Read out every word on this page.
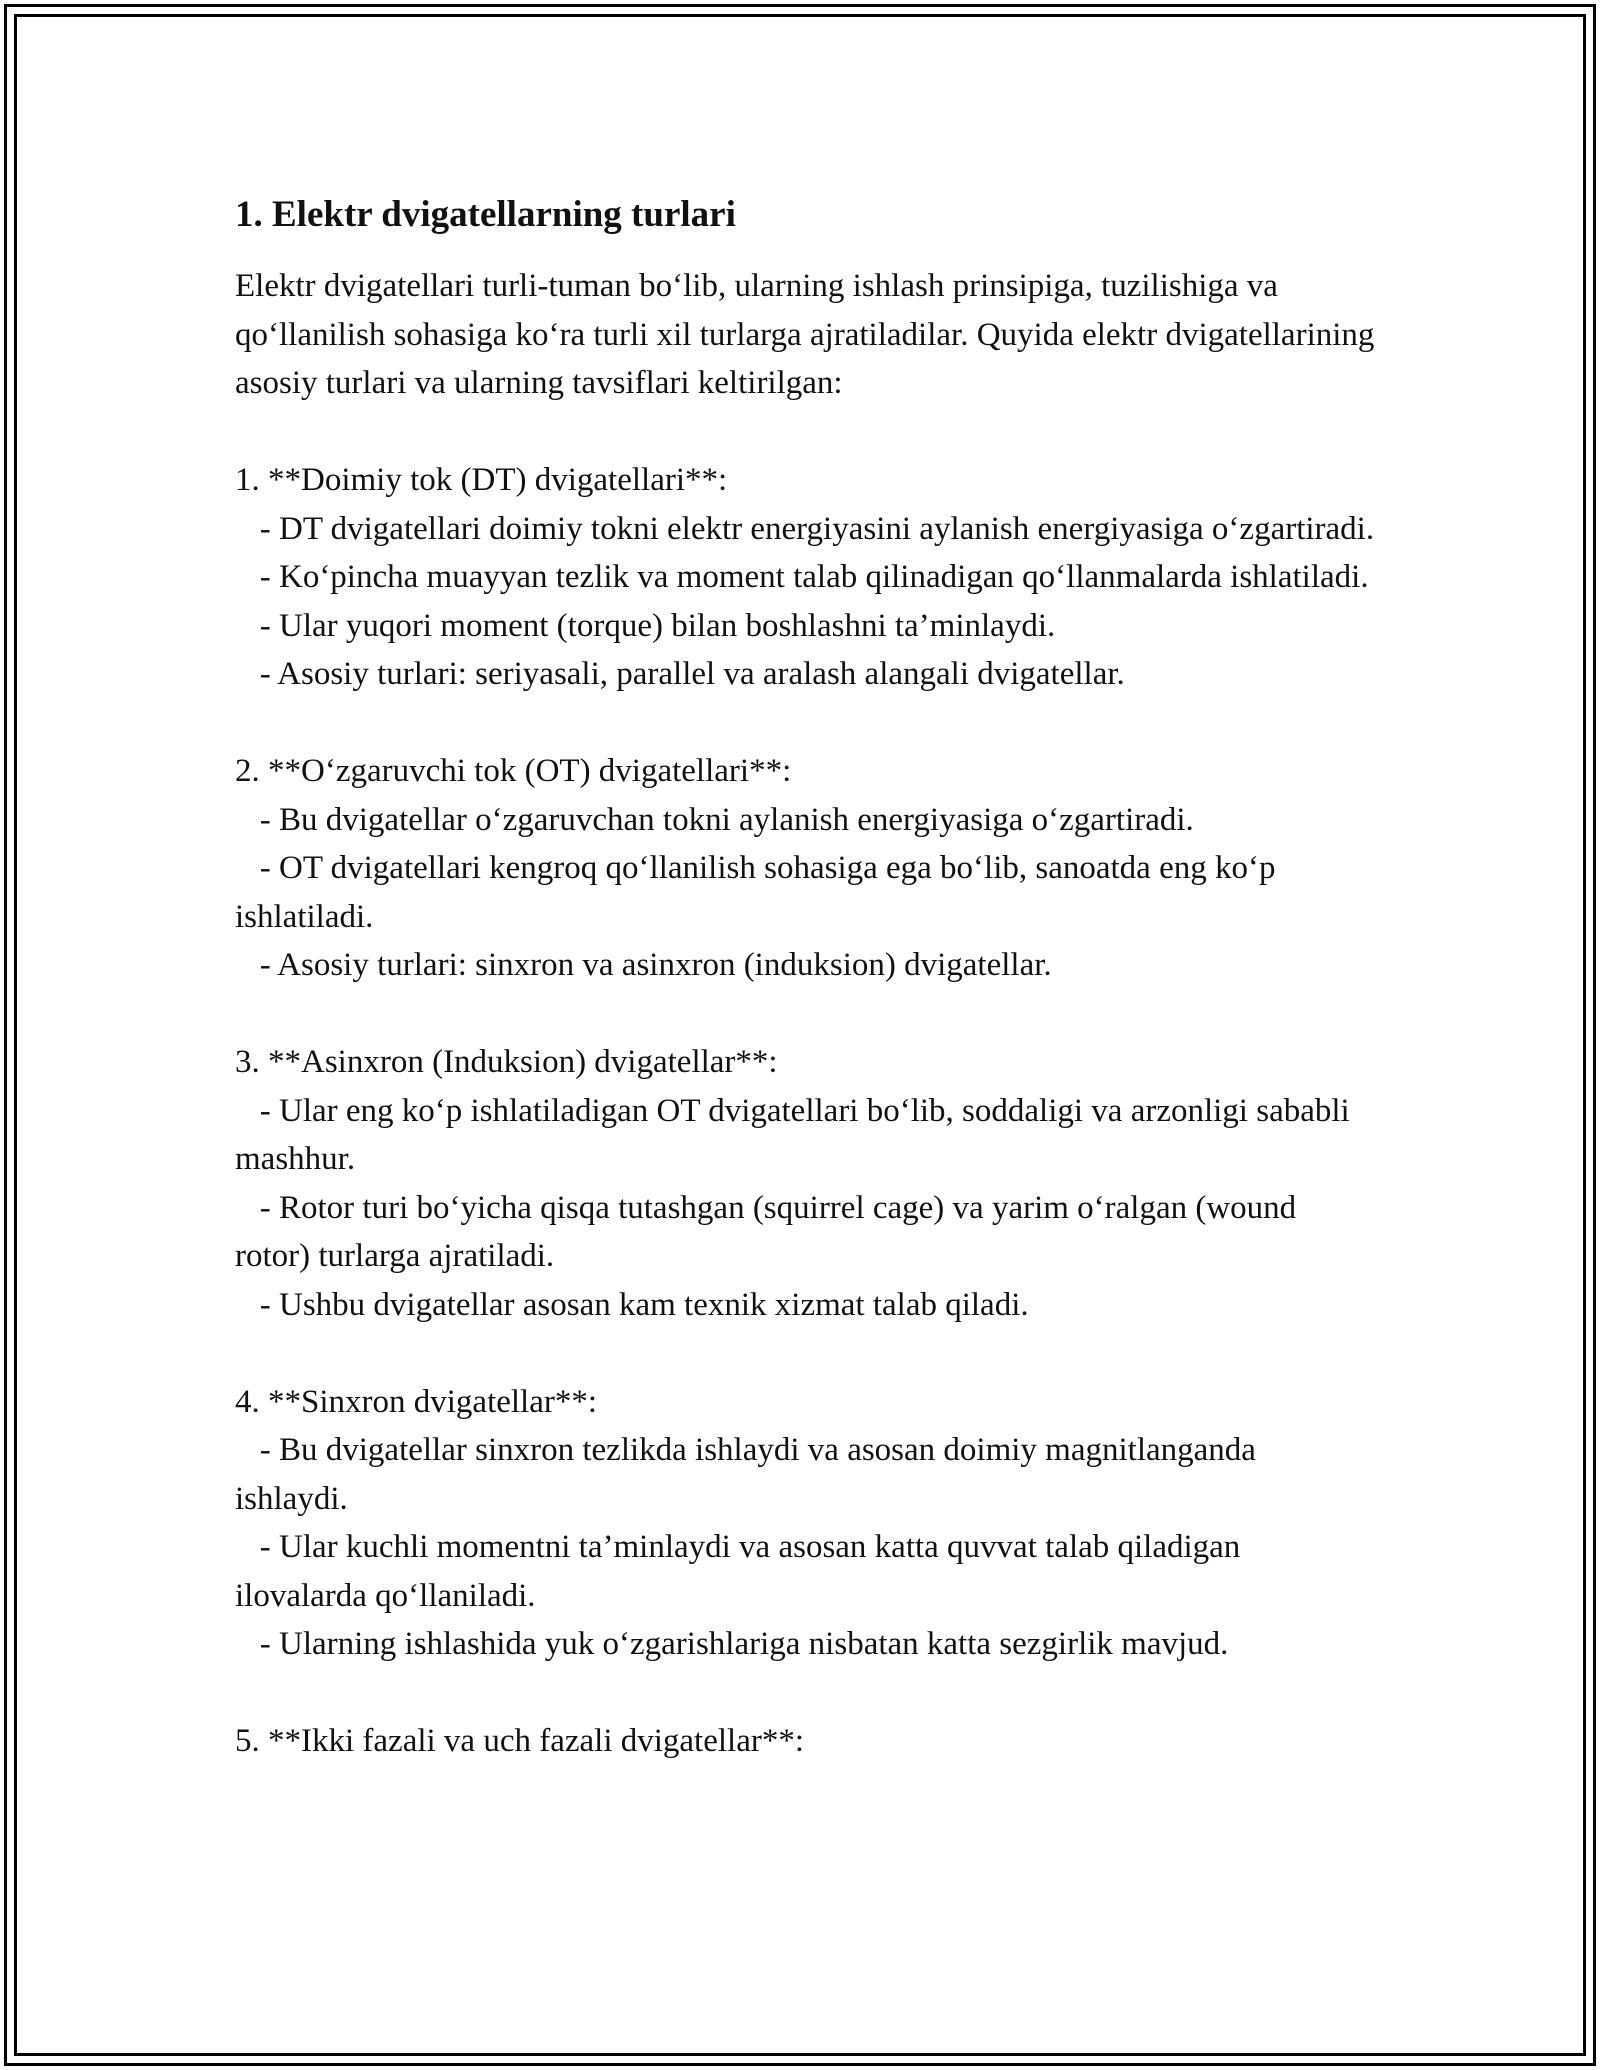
1. Elektr dvigatellarning turlari

Elektr dvigatellari turli-tuman bo‘lib, ularning ishlash prinsipiga, tuzilishiga va qo‘llanilish sohasiga ko‘ra turli xil turlarga ajratiladilar. Quyida elektr dvigatellarining asosiy turlari va ularning tavsiflari keltirilgan:

1. **Doimiy tok (DT) dvigatellari**:
- DT dvigatellari doimiy tokni elektr energiyasini aylanish energiyasiga o‘zgartiradi.
- Ko‘pincha muayyan tezlik va moment talab qilinadigan qo‘llanmalarda ishlatiladi.
- Ular yuqori moment (torque) bilan boshlashni ta’minlaydi.
- Asosiy turlari: seriyasali, parallel va aralash alangali dvigatellar.
2. **O‘zgaruvchi tok (OT) dvigatellari**:
- Bu dvigatellar o‘zgaruvchan tokni aylanish energiyasiga o‘zgartiradi.
- OT dvigatellari kengroq qo‘llanilish sohasiga ega bo‘lib, sanoatda eng ko‘p ishlatiladi.
- Asosiy turlari: sinxron va asinxron (induksion) dvigatellar.
3. **Asinxron (Induksion) dvigatellar**:
- Ular eng ko‘p ishlatiladigan OT dvigatellari bo‘lib, soddaligi va arzonligi sababli mashhur.
- Rotor turi bo‘yicha qisqa tutashgan (squirrel cage) va yarim o‘ralgan (wound rotor) turlarga ajratiladi.
- Ushbu dvigatellar asosan kam texnik xizmat talab qiladi.
4. **Sinxron dvigatellar**:
- Bu dvigatellar sinxron tezlikda ishlaydi va asosan doimiy magnitlanganda ishlaydi.
- Ular kuchli momentni ta’minlaydi va asosan katta quvvat talab qiladigan ilovalarda qo‘llaniladi.
- Ularning ishlashida yuk o‘zgarishlariga nisbatan katta sezgirlik mavjud.
5. **Ikki fazali va uch fazali dvigatellar**:
